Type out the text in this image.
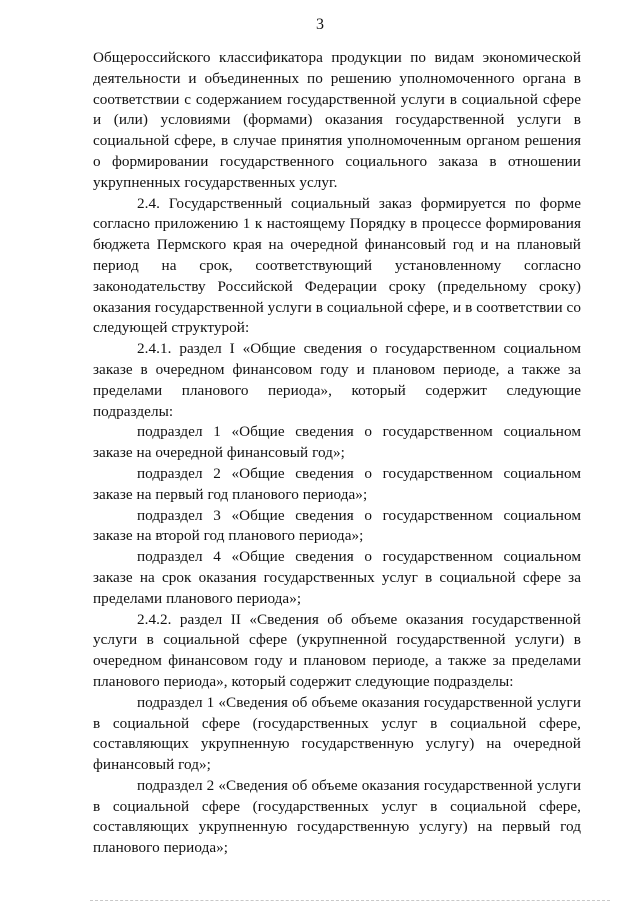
3

Общероссийского классификатора продукции по видам экономической деятельности и объединенных по решению уполномоченного органа в соответствии с содержанием государственной услуги в социальной сфере и (или) условиями (формами) оказания государственной услуги в социальной сфере, в случае принятия уполномоченным органом решения о формировании государственного социального заказа в отношении укрупненных государственных услуг.

2.4. Государственный социальный заказ формируется по форме согласно приложению 1 к настоящему Порядку в процессе формирования бюджета Пермского края на очередной финансовый год и на плановый период на срок, соответствующий установленному согласно законодательству Российской Федерации сроку (предельному сроку) оказания государственной услуги в социальной сфере, и в соответствии со следующей структурой:

2.4.1. раздел I «Общие сведения о государственном социальном заказе в очередном финансовом году и плановом периоде, а также за пределами планового периода», который содержит следующие подразделы:

подраздел 1 «Общие сведения о государственном социальном заказе на очередной финансовый год»;

подраздел 2 «Общие сведения о государственном социальном заказе на первый год планового периода»;

подраздел 3 «Общие сведения о государственном социальном заказе на второй год планового периода»;

подраздел 4 «Общие сведения о государственном социальном заказе на срок оказания государственных услуг в социальной сфере за пределами планового периода»;

2.4.2. раздел II «Сведения об объеме оказания государственной услуги в социальной сфере (укрупненной государственной услуги) в очередном финансовом году и плановом периоде, а также за пределами планового периода», который содержит следующие подразделы:

подраздел 1 «Сведения об объеме оказания государственной услуги в социальной сфере (государственных услуг в социальной сфере, составляющих укрупненную государственную услугу) на очередной финансовый год»;

подраздел 2 «Сведения об объеме оказания государственной услуги в социальной сфере (государственных услуг в социальной сфере, составляющих укрупненную государственную услугу) на первый год планового периода»;
